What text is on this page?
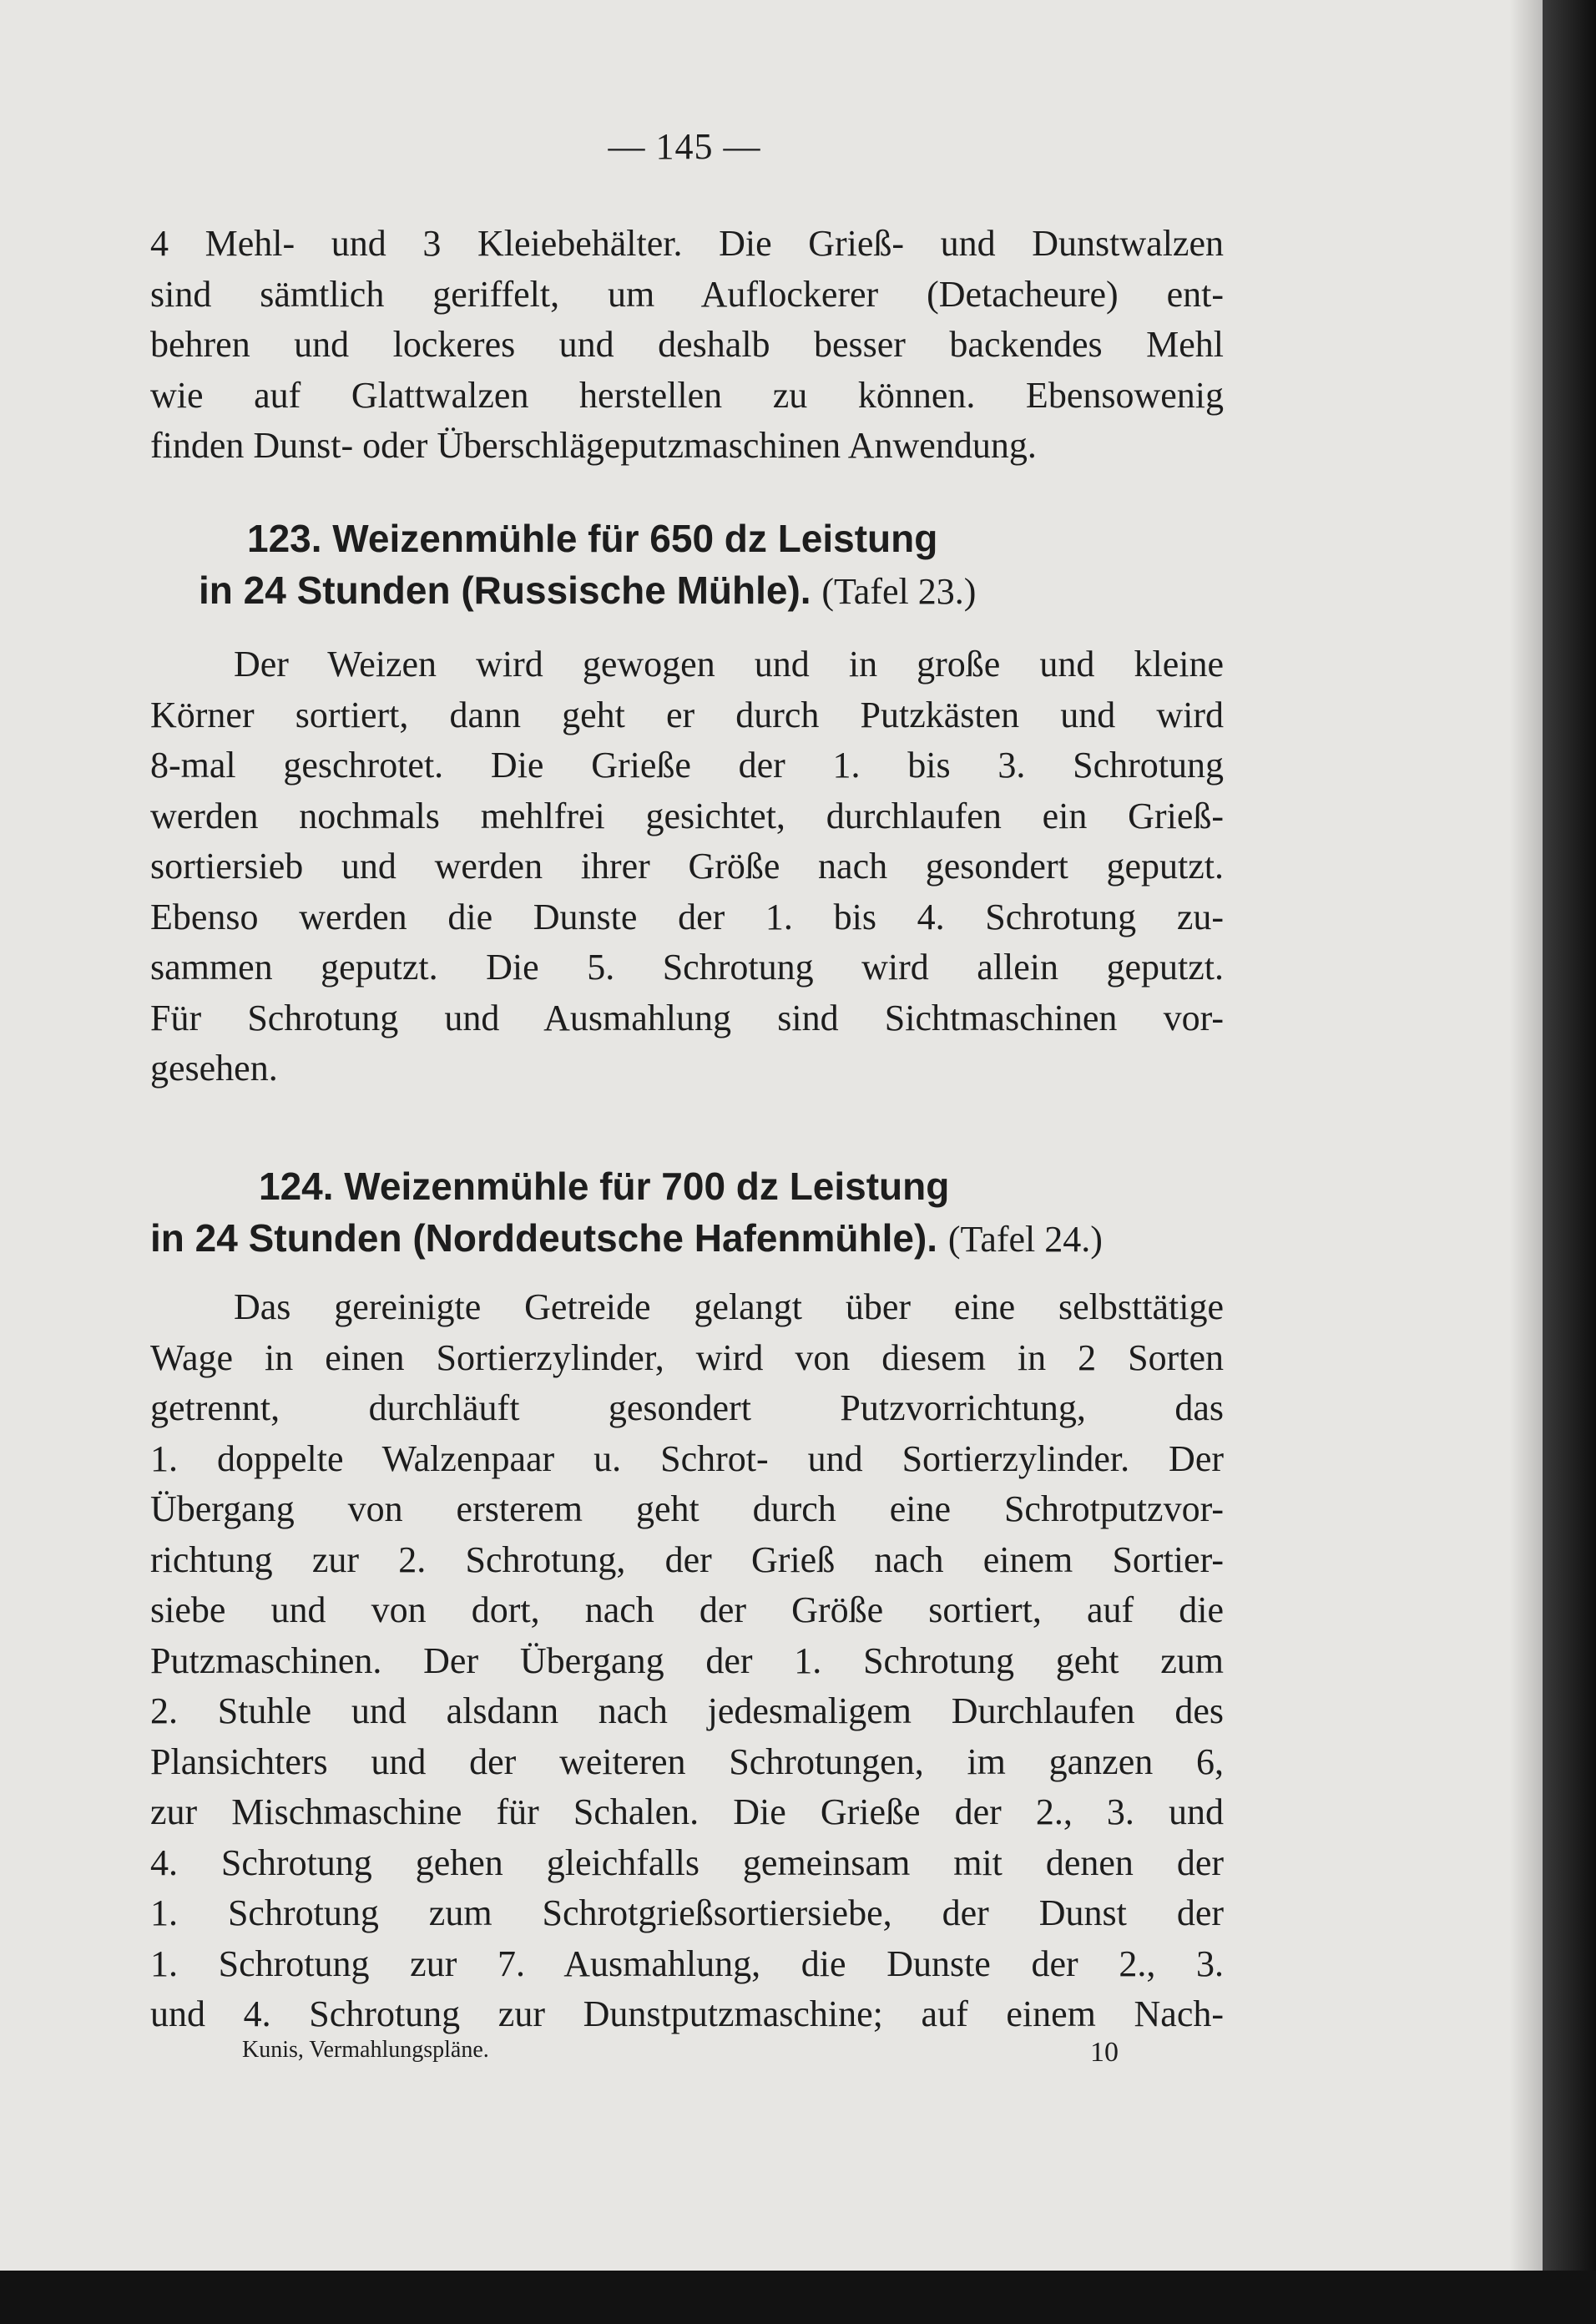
— 145 —
4 Mehl- und 3 Kleiebehälter. Die Grieß- und Dunstwalzen
sind sämtlich geriffelt, um Auflockerer (Detacheure) ent-
behren und lockeres und deshalb besser backendes Mehl
wie auf Glattwalzen herstellen zu können. Ebensowenig
finden Dunst- oder Überschlägeputzmaschinen Anwendung.
123. Weizenmühle für 650 dz Leistung
in 24 Stunden (Russische Mühle). (Tafel 23.)
Der Weizen wird gewogen und in große und kleine
Körner sortiert, dann geht er durch Putzkästen und wird
8-mal geschrotet. Die Grieße der 1. bis 3. Schrotung
werden nochmals mehlfrei gesichtet, durchlaufen ein Grieß-
sortiersieb und werden ihrer Größe nach gesondert geputzt.
Ebenso werden die Dunste der 1. bis 4. Schrotung zu-
sammen geputzt. Die 5. Schrotung wird allein geputzt.
Für Schrotung und Ausmahlung sind Sichtmaschinen vor-
gesehen.
124. Weizenmühle für 700 dz Leistung
in 24 Stunden (Norddeutsche Hafenmühle). (Tafel 24.)
Das gereinigte Getreide gelangt über eine selbsttätige
Wage in einen Sortierzylinder, wird von diesem in 2 Sorten
getrennt, durchläuft gesondert Putzvorrichtung, das
1. doppelte Walzenpaar u. Schrot- und Sortierzylinder. Der
Übergang von ersterem geht durch eine Schrotputzvor-
richtung zur 2. Schrotung, der Grieß nach einem Sortier-
siebe und von dort, nach der Größe sortiert, auf die
Putzmaschinen. Der Übergang der 1. Schrotung geht zum
2. Stuhle und alsdann nach jedesmaligem Durchlaufen des
Plansichters und der weiteren Schrotungen, im ganzen 6,
zur Mischmaschine für Schalen. Die Grieße der 2., 3. und
4. Schrotung gehen gleichfalls gemeinsam mit denen der
1. Schrotung zum Schrotgrießsortiersiebe, der Dunst der
1. Schrotung zur 7. Ausmahlung, die Dunste der 2., 3.
und 4. Schrotung zur Dunstputzmaschine; auf einem Nach-
Kunis, Vermahlungspläne.	10
